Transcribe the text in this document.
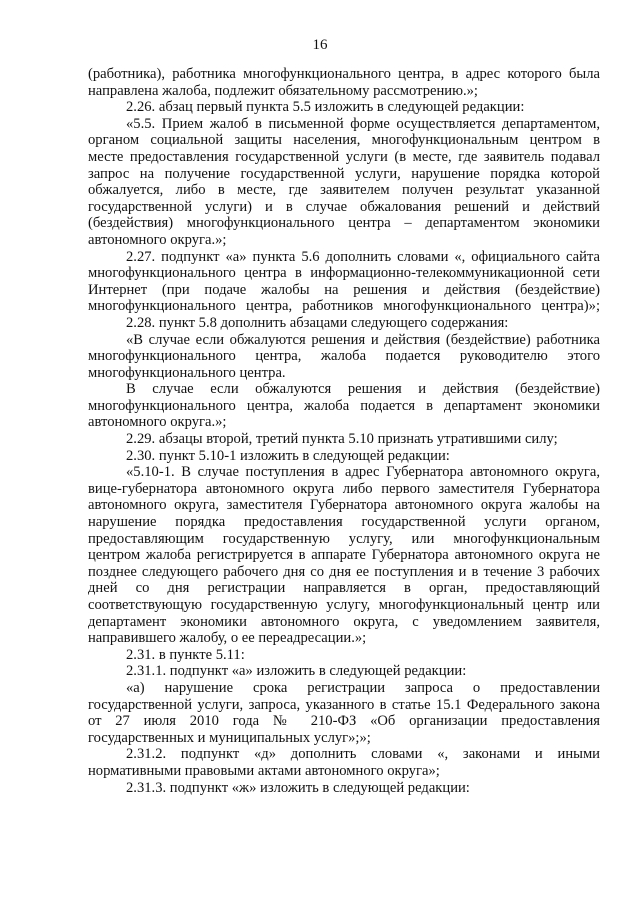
16
(работника), работника многофункционального центра, в адрес которого была
направлена жалоба, подлежит обязательному рассмотрению.»;
2.26. абзац первый пункта 5.5 изложить в следующей редакции:
«5.5. Прием жалоб в письменной форме осуществляется департаментом,
органом социальной защиты населения, многофункциональным центром в
месте предоставления государственной услуги (в месте, где заявитель подавал
запрос на получение государственной услуги, нарушение порядка которой
обжалуется, либо в месте, где заявителем получен результат указанной
государственной услуги) и в случае обжалования решений и действий
(бездействия) многофункционального центра – департаментом экономики
автономного округа.»;
2.27. подпункт «а» пункта 5.6 дополнить словами «, официального сайта
многофункционального центра в информационно-телекоммуникационной сети
Интернет (при подаче жалобы на решения и действия (бездействие)
многофункционального центра, работников многофункционального центра)»;
2.28. пункт 5.8 дополнить абзацами следующего содержания:
«В случае если обжалуются решения и действия (бездействие) работника
многофункционального центра, жалоба подается руководителю этого
многофункционального центра.
В случае если обжалуются решения и действия (бездействие)
многофункционального центра, жалоба подается в департамент экономики
автономного округа.»;
2.29. абзацы второй, третий пункта 5.10 признать утратившими силу;
2.30. пункт 5.10-1 изложить в следующей редакции:
«5.10-1. В случае поступления в адрес Губернатора автономного округа,
вице-губернатора автономного округа либо первого заместителя Губернатора
автономного округа, заместителя Губернатора автономного округа жалобы на
нарушение порядка предоставления государственной услуги органом,
предоставляющим государственную услугу, или многофункциональным
центром жалоба регистрируется в аппарате Губернатора автономного округа не
позднее следующего рабочего дня со дня ее поступления и в течение 3 рабочих
дней со дня регистрации направляется в орган, предоставляющий
соответствующую государственную услугу, многофункциональный центр или
департамент экономики автономного округа, с уведомлением заявителя,
направившего жалобу, о ее переадресации.»;
2.31. в пункте 5.11:
2.31.1. подпункт «а» изложить в следующей редакции:
«а) нарушение срока регистрации запроса о предоставлении
государственной услуги, запроса, указанного в статье 15.1 Федерального закона
от 27 июля 2010 года № 210-ФЗ «Об организации предоставления
государственных и муниципальных услуг»;»;
2.31.2. подпункт «д» дополнить словами «, законами и иными
нормативными правовыми актами автономного округа»;
2.31.3. подпункт «ж» изложить в следующей редакции:
